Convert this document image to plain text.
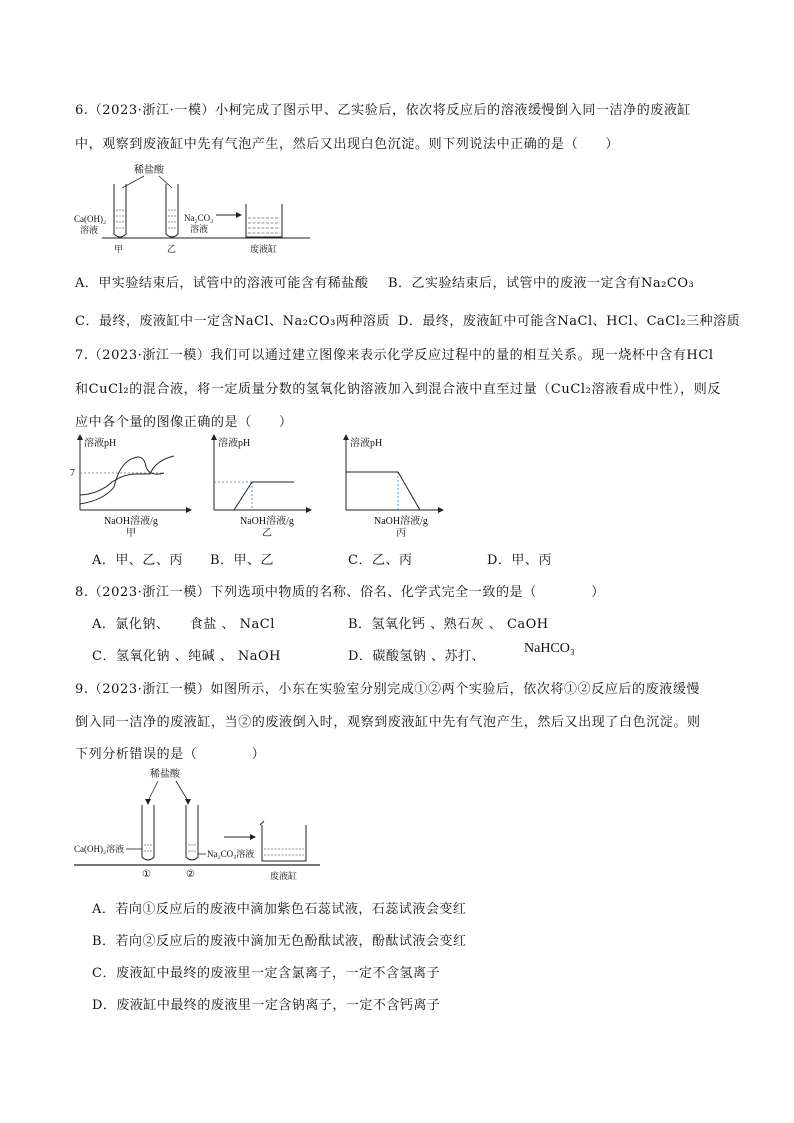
6.（2023·浙江·一模）小柯完成了图示甲、乙实验后，依次将反应后的溶液缓慢倒入同一洁净的废液缸
中，观察到废液缸中先有气泡产生，然后又出现白色沉淀。则下列说法中正确的是（　　）
稀盐酸
Ca(OH)₂
溶液
Na₂CO₃
溶液
甲	乙	废液缸
A．甲实验结束后，试管中的溶液可能含有稀盐酸 B．乙实验结束后，试管中的废液一定含有Na₂CO₃
C．最终，废液缸中一定含NaCl、Na₂CO₃两种溶质 D．最终，废液缸中可能含NaCl、HCl、CaCl₂三种溶质
7.（2023·浙江一模）我们可以通过建立图像来表示化学反应过程中的量的相互关系。现一烧杯中含有HCl
和CuCl₂的混合液，将一定质量分数的氢氧化钠溶液加入到混合液中直至过量（CuCl₂溶液看成中性），则反
应中各个量的图像正确的是（　　）
溶液pH
7
NaOH溶液/g
甲
溶液pH
NaOH溶液/g
乙
溶液pH
NaOH溶液/g
丙
A．甲、乙、丙 B．甲、乙	C．乙、丙	D．甲、丙
8.（2023·浙江一模）下列选项中物质的名称、俗名、化学式完全一致的是（　　　　）
A．氯化钠、　　食盐 、 NaCl	B．氢氧化钙 、熟石灰 、 CaOH
C．氢氧化钠 、纯碱 、 NaOH	D．碳酸氢钠 、苏打、
NaHCO₃
9.（2023·浙江一模）如图所示，小东在实验室分别完成①②两个实验后，依次将①②反应后的废液缓慢
倒入同一洁净的废液缸，当②的废液倒入时，观察到废液缸中先有气泡产生，然后又出现了白色沉淀。则
下列分析错误的是（　　　　）
稀盐酸
Ca(OH)₂溶液	Na₂CO₃溶液
①	②	废液缸
A．若向①反应后的废液中滴加紫色石蕊试液，石蕊试液会变红
B．若向②反应后的废液中滴加无色酚酞试液，酚酞试液会变红
C．废液缸中最终的废液里一定含氯离子，一定不含氢离子
D．废液缸中最终的废液里一定含钠离子，一定不含钙离子
